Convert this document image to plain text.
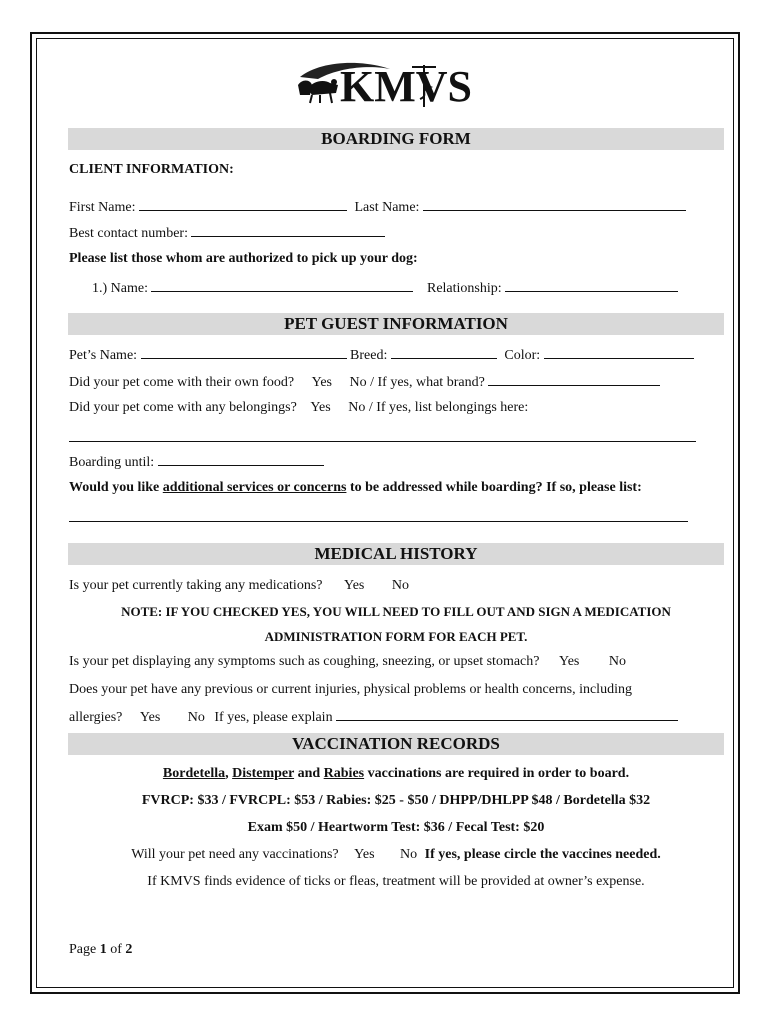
KMVS
BOARDING FORM
CLIENT INFORMATION:
First Name:	Last Name:
Best contact number:
Please list those whom are authorized to pick up your dog:
1.) Name:	Relationship:
PET GUEST INFORMATION
Pet’s Name:	Breed:	Color:
Did your pet come with their own food? Yes No / If yes, what brand?
Did your pet come with any belongings? Yes No / If yes, list belongings here:
Boarding until:
Would you like additional services or concerns to be addressed while boarding? If so, please list:
MEDICAL HISTORY
Is your pet currently taking any medications? Yes No
NOTE: IF YOU CHECKED YES, YOU WILL NEED TO FILL OUT AND SIGN A MEDICATION
ADMINISTRATION FORM FOR EACH PET.
Is your pet displaying any symptoms such as coughing, sneezing, or upset stomach? Yes No
Does your pet have any previous or current injuries, physical problems or health concerns, including
allergies? Yes No If yes, please explain
VACCINATION RECORDS
Bordetella, Distemper and Rabies vaccinations are required in order to board.
FVRCP: $33 / FVRCPL: $53 / Rabies: $25 - $50 / DHPP/DHLPP $48 / Bordetella $32
Exam $50 / Heartworm Test: $36 / Fecal Test: $20
Will your pet need any vaccinations? Yes No If yes, please circle the vaccines needed.
If KMVS finds evidence of ticks or fleas, treatment will be provided at owner’s expense.
Page 1 of 2
